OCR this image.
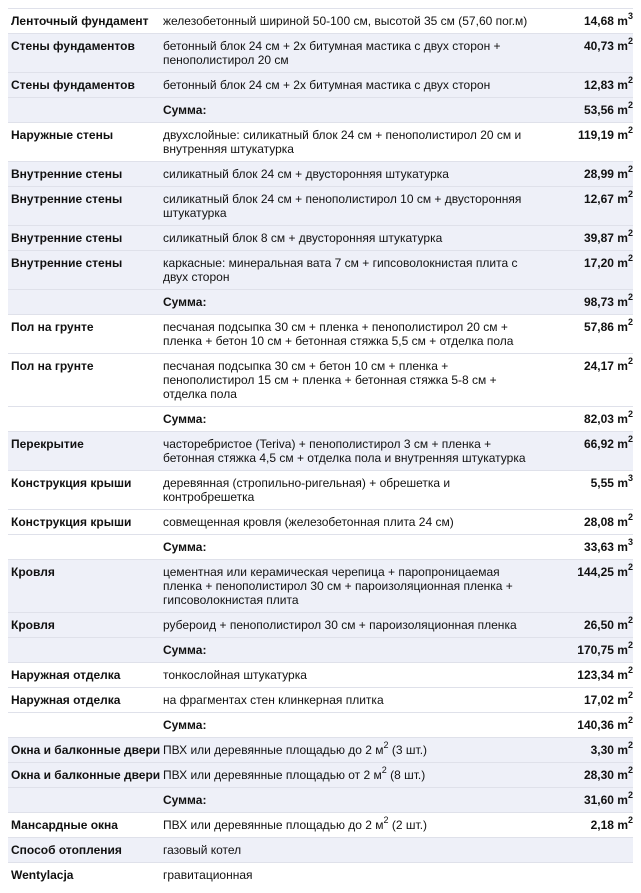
Ленточный фундамент	железобетонный шириной 50-100 см, высотой 35 см (57,60 пог.м)	14,68 $m^3$
Стены фундаментов	бетонный блок 24 см + 2х битумная мастика с двух сторон + пенополистирол 20 см	40,73 $m^2$
Стены фундаментов	бетонный блок 24 см + 2х битумная мастика с двух сторон	12,83 $m^2$
	Сумма:	53,56 $m^2$
Наружные стены	двухслойные: силикатный блок 24 см + пенополистирол 20 см и внутренняя штукатурка	119,19 $m^2$
Внутренние стены	силикатный блок 24 см + двусторонняя штукатурка	28,99 $m^2$
Внутренние стены	силикатный блок 24 см + пенополистирол 10 см + двусторонняя штукатурка	12,67 $m^2$
Внутренние стены	силикатный блок 8 см + двусторонняя штукатурка	39,87 $m^2$
Внутренние стены	каркасные: минеральная вата 7 см + гипсоволокнистая плита с двух сторон	17,20 $m^2$
	Сумма:	98,73 $m^2$
Пол на грунте	песчаная подсыпка 30 см + пленка + пенополистирол 20 см + пленка + бетон 10 см + бетонная стяжка 5,5 см + отделка пола	57,86 $m^2$
Пол на грунте	песчаная подсыпка 30 см + бетон 10 см + пленка + пенополистирол 15 см + пленка + бетонная стяжка 5-8 см + отделка пола	24,17 $m^2$
	Сумма:	82,03 $m^2$
Перекрытие	часторебристое (Teriva) + пенополистирол 3 см + пленка + бетонная стяжка 4,5 см + отделка пола и внутренняя штукатурка	66,92 $m^2$
Конструкция крыши	деревянная (стропильно-ригельная) + обрешетка и контробрешетка	5,55 $m^3$
Конструкция крыши	совмещенная кровля (железобетонная плита 24 см)	28,08 $m^2$
	Сумма:	33,63 $m^3$
Кровля	цементная или керамическая черепица + паропроницаемая пленка + пенополистирол 30 см + пароизоляционная пленка + гипсоволокнистая плита	144,25 $m^2$
Кровля	рубероид + пенополистирол 30 см + пароизоляционная пленка	26,50 $m^2$
	Сумма:	170,75 $m^2$
Наружная отделка	тонкослойная штукатурка	123,34 $m^2$
Наружная отделка	на фрагментах стен клинкерная плитка	17,02 $m^2$
	Сумма:	140,36 $m^2$
Окна и балконные двери	ПВХ или деревянные площадью до 2 $м^2$ (3 шт.)	3,30 $m^2$
Окна и балконные двери	ПВХ или деревянные площадью от 2 $м^2$ (8 шт.)	28,30 $m^2$
	Сумма:	31,60 $m^2$
Мансардные окна	ПВХ или деревянные площадью до 2 $м^2$ (2 шт.)	2,18 $m^2$
Способ отопления	газовый котел	
Wentylacja	гравитационная	
